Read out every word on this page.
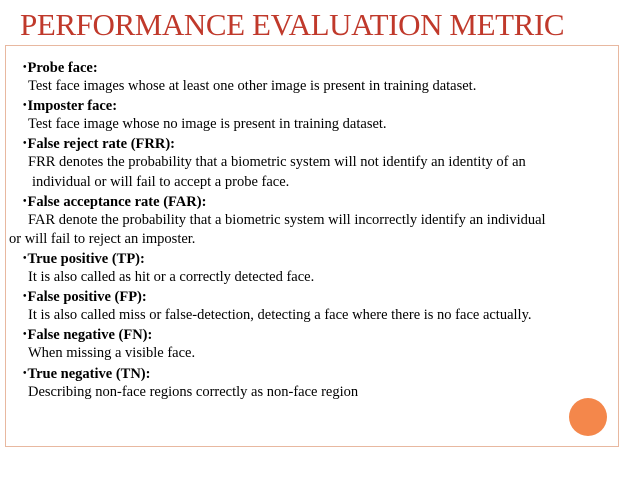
PERFORMANCE EVALUATION METRIC
•Probe face:
Test face images whose at least one other image is present in training dataset.
•Imposter face:
Test face image whose no image is present in training dataset.
•False reject rate (FRR):
FRR denotes the probability that a biometric system will not identify an identity of an
individual or will fail to accept a probe face.
•False acceptance rate (FAR):
FAR denote the probability that a biometric system will incorrectly identify an individual
or will fail to reject an imposter.
•True positive (TP):
It is also called as hit or a correctly detected face.
•False positive (FP):
It is also called miss or false-detection, detecting a face where there is no face actually.
•False negative (FN):
When missing a visible face.
•True negative (TN):
Describing non-face regions correctly as non-face region
